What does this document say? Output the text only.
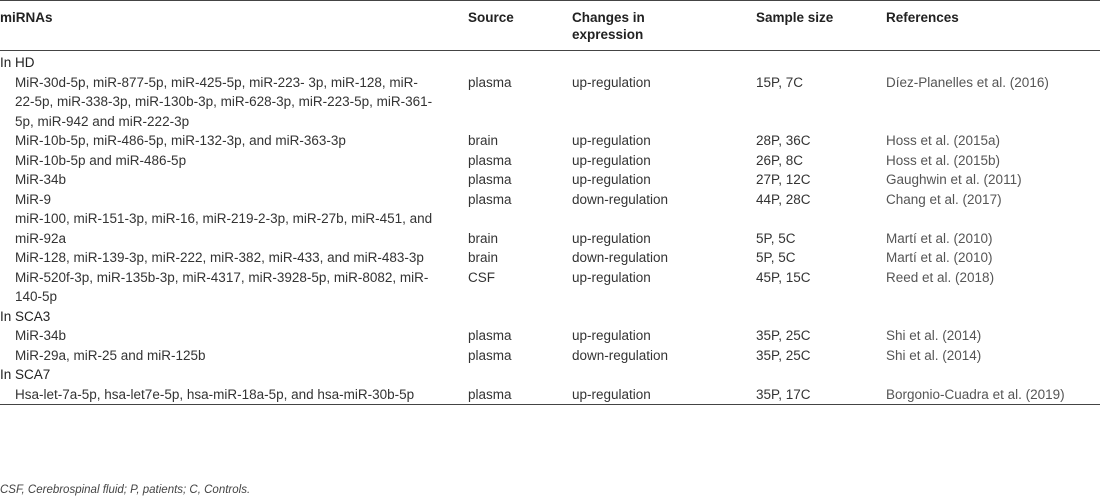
miRNAs	Source	Changes in expression	Sample size	References
In HD				
MiR-30d-5p, miR-877-5p, miR-425-5p, miR-223- 3p, miR-128, miR-22-5p, miR-338-3p, miR-130b-3p, miR-628-3p, miR-223-5p, miR-361-5p, miR-942 and miR-222-3p	plasma	up-regulation	15P, 7C	Díez-Planelles et al. (2016)
MiR-10b-5p, miR-486-5p, miR-132-3p, and miR-363-3p	brain	up-regulation	28P, 36C	Hoss et al. (2015a)
MiR-10b-5p and miR-486-5p	plasma	up-regulation	26P, 8C	Hoss et al. (2015b)
MiR-34b	plasma	up-regulation	27P, 12C	Gaughwin et al. (2011)
MiR-9	plasma	down-regulation	44P, 28C	Chang et al. (2017)
miR-100, miR-151-3p, miR-16, miR-219-2-3p, miR-27b, miR-451, and miR-92a	brain	up-regulation	5P, 5C	Martí et al. (2010)
MiR-128, miR-139-3p, miR-222, miR-382, miR-433, and miR-483-3p	brain	down-regulation	5P, 5C	Martí et al. (2010)
MiR-520f-3p, miR-135b-3p, miR-4317, miR-3928-5p, miR-8082, miR-140-5p	CSF	up-regulation	45P, 15C	Reed et al. (2018)
In SCA3				
MiR-34b	plasma	up-regulation	35P, 25C	Shi et al. (2014)
MiR-29a, miR-25 and miR-125b	plasma	down-regulation	35P, 25C	Shi et al. (2014)
In SCA7				
Hsa-let-7a-5p, hsa-let7e-5p, hsa-miR-18a-5p, and hsa-miR-30b-5p	plasma	up-regulation	35P, 17C	Borgonio-Cuadra et al. (2019)
CSF, Cerebrospinal fluid; P, patients; C, Controls.
